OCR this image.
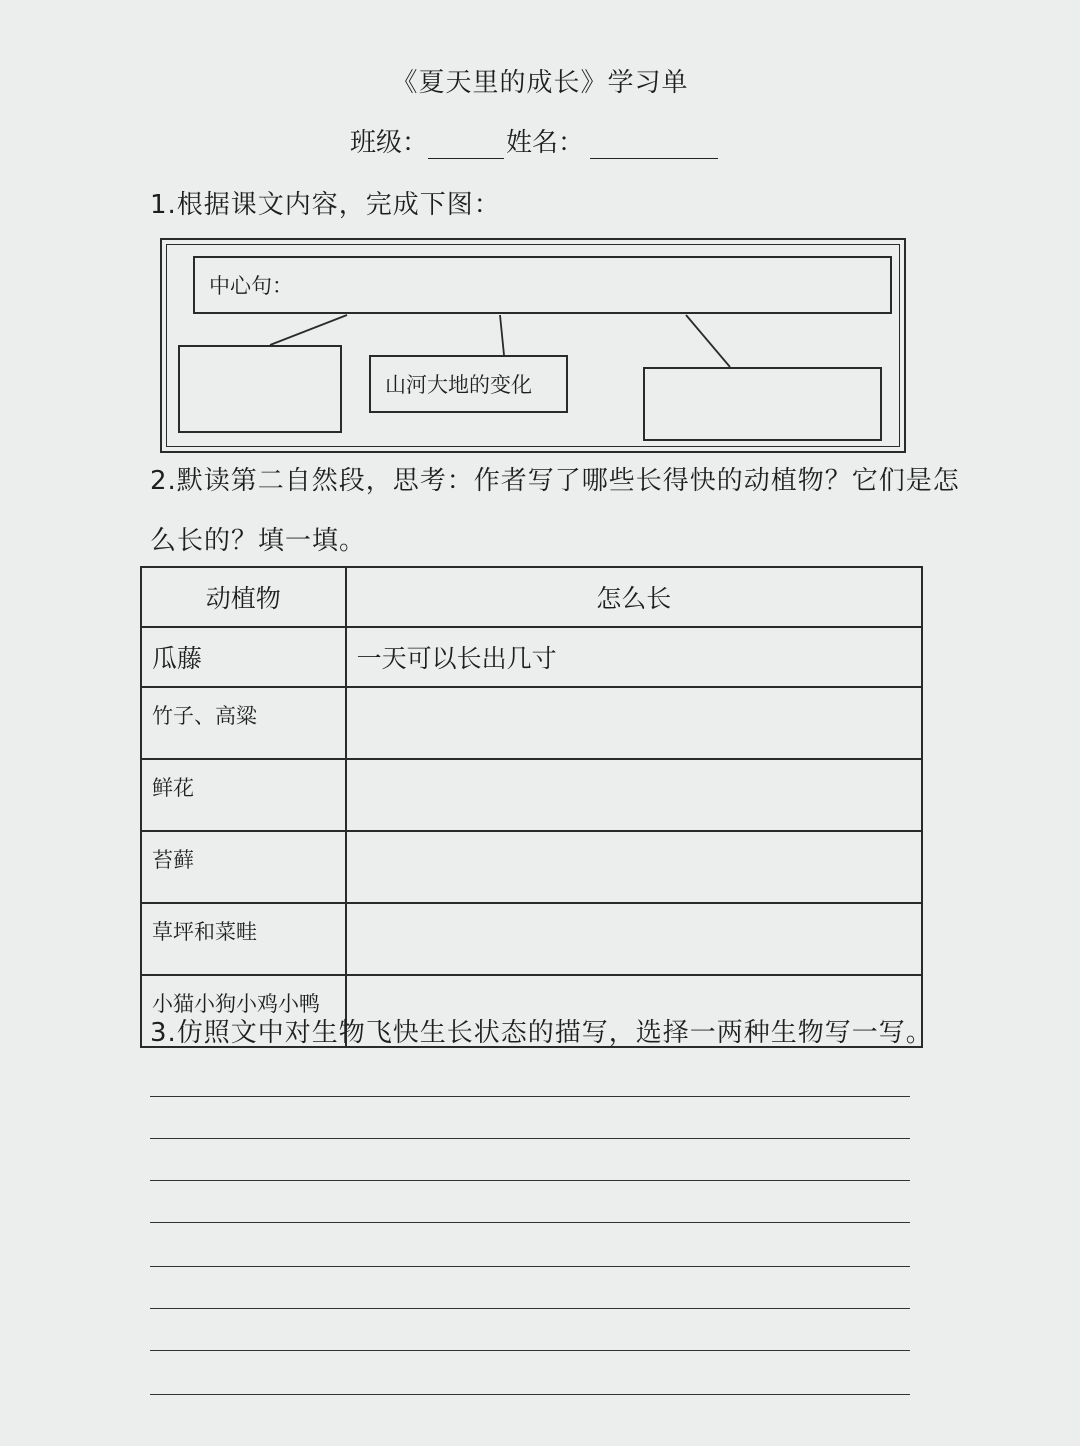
《夏天里的成长》学习单
班级：	姓名：
1.根据课文内容，完成下图：
中心句：
山河大地的变化
2.默读第二自然段，思考：作者写了哪些长得快的动植物？它们是怎
么长的？填一填。
动植物	怎么长
瓜藤	一天可以长出几寸
竹子、高粱	
鲜花	
苔藓	
草坪和菜畦	
小猫小狗小鸡小鸭	
3.仿照文中对生物飞快生长状态的描写，选择一两种生物写一写。
